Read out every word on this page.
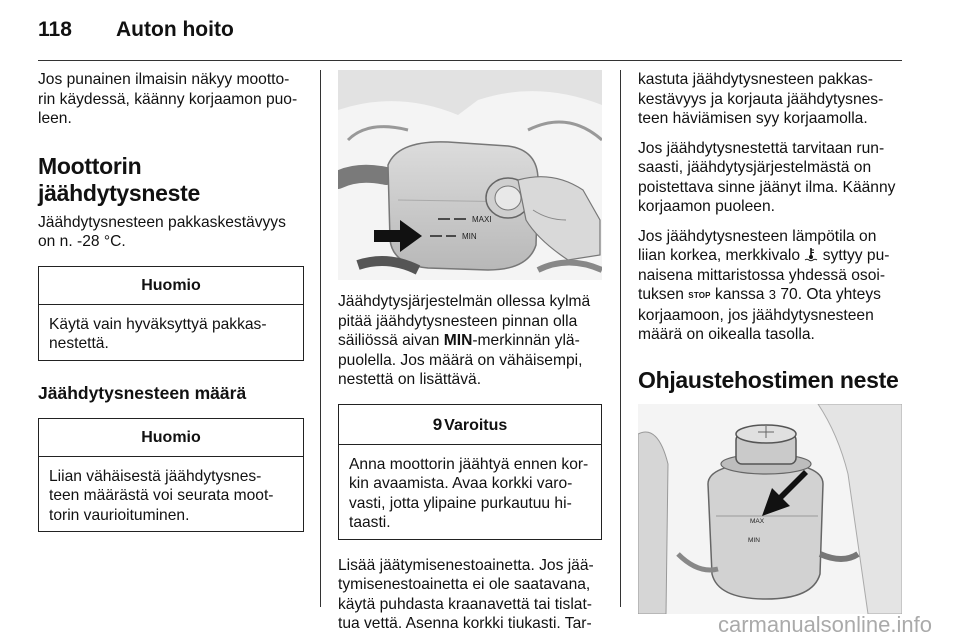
118 Auton hoito

Jos punainen ilmaisin näkyy mootto-
rin käydessä, käänny korjaamon puo-
leen.

Moottorin jäähdytysneste

Jäähdytysnesteen pakkaskestävyys
on n. -28 °C.

Huomio
Käytä vain hyväksyttyä pakkas-
nestettä.
Jäähdytysnesteen määrä
Huomio
Liian vähäisestä jäähdytysnes-
teen määrästä voi seurata moot-
torin vaurioituminen.
MAXI
MIN

Jäähdytysjärjestelmän ollessa kylmä
pitää jäähdytysnesteen pinnan olla
säiliössä aivan MIN-merkinnän ylä-
puolella. Jos määrä on vähäisempi,
nestettä on lisättävä.

9 Varoitus
Anna moottorin jäähtyä ennen kor-
kin avaamista. Avaa korkki varo-
vasti, jotta ylipaine purkautuu hi-
taasti.

Lisää jäätymisenestoainetta. Jos jää-
tymisenestoainetta ei ole saatavana,
käytä puhdasta kraanavettä tai tislat-
tua vettä. Asenna korkki tiukasti. Tar-

kastuta jäähdytysnesteen pakkas-
kestävyys ja korjauta jäähdytysnes-
teen häviämisen syy korjaamolla.

Jos jäähdytysnestettä tarvitaan run-
saasti, jäähdytysjärjestelmästä on
poistettava sinne jäänyt ilma. Käänny
korjaamon puoleen.

Jos jäähdytysnesteen lämpötila on
liian korkea, merkkivalo  syttyy pu-
naisena mittaristossa yhdessä osoi-
tuksen STOP kanssa 3 70. Ota yhteys
korjaamoon, jos jäähdytysnesteen
määrä on oikealla tasolla.

Ohjaustehostimen neste
MAX
MIN
carmanualsonline.info
